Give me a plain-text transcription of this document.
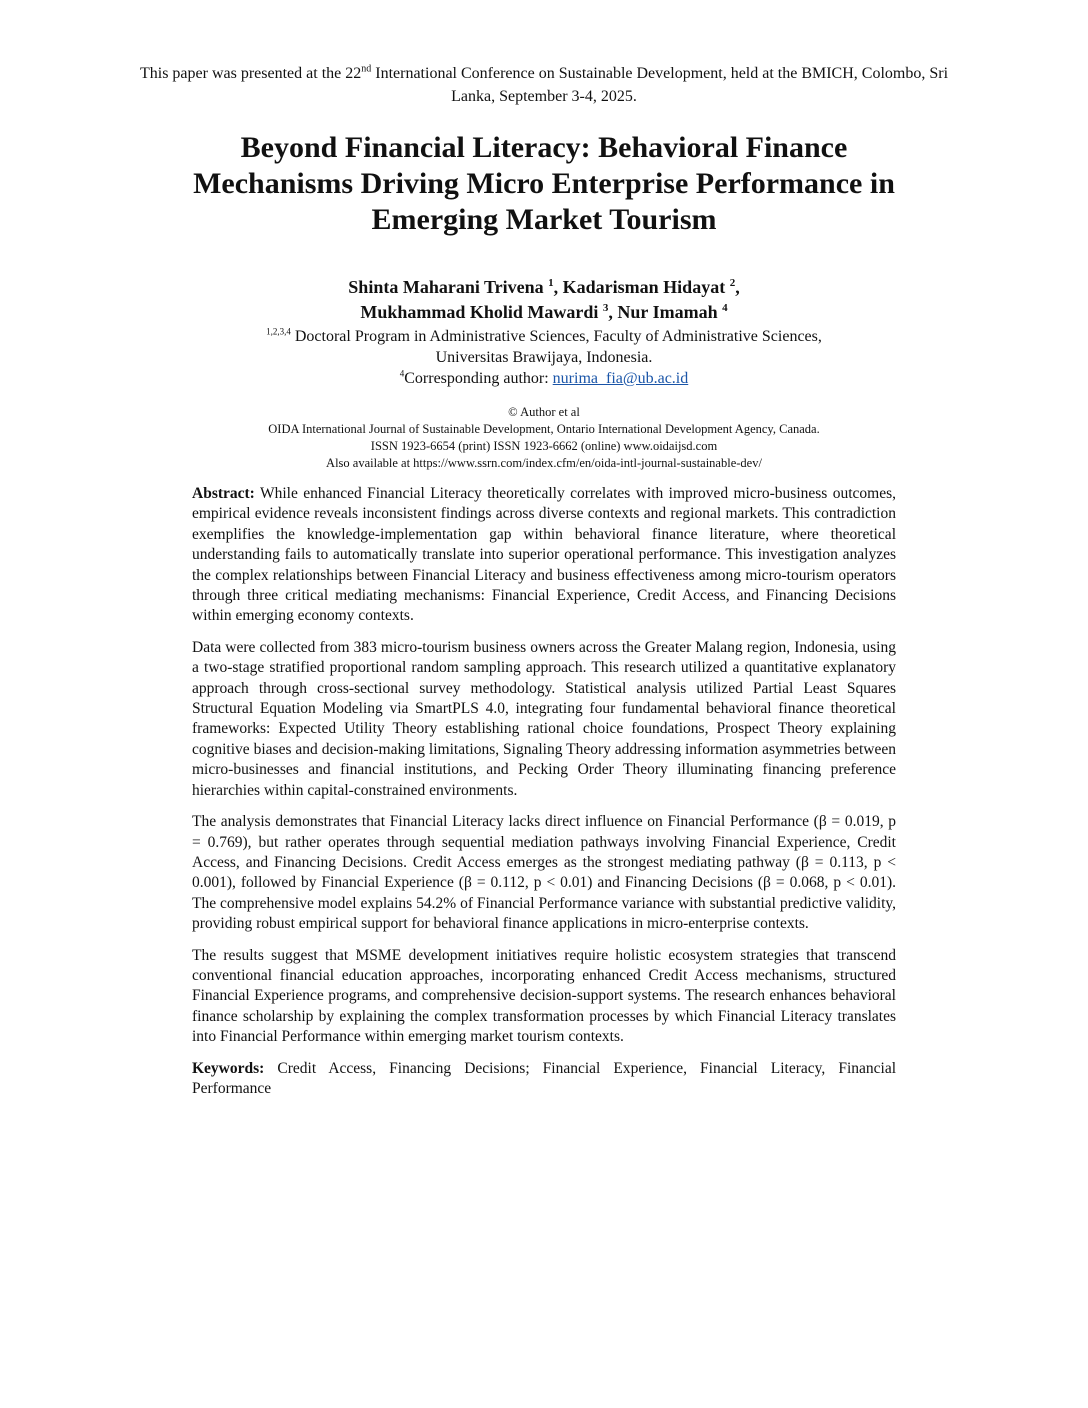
This paper was presented at the 22nd International Conference on Sustainable Development, held at the BMICH, Colombo, Sri Lanka, September 3-4, 2025.
Beyond Financial Literacy: Behavioral Finance
Mechanisms Driving Micro Enterprise Performance in
Emerging Market Tourism
Shinta Maharani Trivena $^1$, Kadarisman Hidayat $^2$,
Mukhammad Kholid Mawardi $^3$, Nur Imamah $^4$
$^{1,2,3,4}$ Doctoral Program in Administrative Sciences, Faculty of Administrative Sciences,
Universitas Brawijaya, Indonesia.
$^4$Corresponding author: nurima_fia@ub.ac.id
© Author et al
OIDA International Journal of Sustainable Development, Ontario International Development Agency, Canada.
ISSN 1923-6654 (print) ISSN 1923-6662 (online) www.oidaijsd.com
Also available at https://www.ssrn.com/index.cfm/en/oida-intl-journal-sustainable-dev/

Abstract: While enhanced Financial Literacy theoretically correlates with improved micro-business outcomes, empirical evidence reveals inconsistent findings across diverse contexts and regional markets. This contradiction exemplifies the knowledge-implementation gap within behavioral finance literature, where theoretical understanding fails to automatically translate into superior operational performance. This investigation analyzes the complex relationships between Financial Literacy and business effectiveness among micro-tourism operators through three critical mediating mechanisms: Financial Experience, Credit Access, and Financing Decisions within emerging economy contexts.

Data were collected from 383 micro-tourism business owners across the Greater Malang region, Indonesia, using a two-stage stratified proportional random sampling approach. This research utilized a quantitative explanatory approach through cross-sectional survey methodology. Statistical analysis utilized Partial Least Squares Structural Equation Modeling via SmartPLS 4.0, integrating four fundamental behavioral finance theoretical frameworks: Expected Utility Theory establishing rational choice foundations, Prospect Theory explaining cognitive biases and decision-making limitations, Signaling Theory addressing information asymmetries between micro-businesses and financial institutions, and Pecking Order Theory illuminating financing preference hierarchies within capital-constrained environments.

The analysis demonstrates that Financial Literacy lacks direct influence on Financial Performance (β = 0.019, p = 0.769), but rather operates through sequential mediation pathways involving Financial Experience, Credit Access, and Financing Decisions. Credit Access emerges as the strongest mediating pathway (β = 0.113, p < 0.001), followed by Financial Experience (β = 0.112, p < 0.01) and Financing Decisions (β = 0.068, p < 0.01). The comprehensive model explains 54.2% of Financial Performance variance with substantial predictive validity, providing robust empirical support for behavioral finance applications in micro-enterprise contexts.

The results suggest that MSME development initiatives require holistic ecosystem strategies that transcend conventional financial education approaches, incorporating enhanced Credit Access mechanisms, structured Financial Experience programs, and comprehensive decision-support systems. The research enhances behavioral finance scholarship by explaining the complex transformation processes by which Financial Literacy translates into Financial Performance within emerging market tourism contexts.

Keywords: Credit Access, Financing Decisions; Financial Experience, Financial Literacy, Financial Performance
